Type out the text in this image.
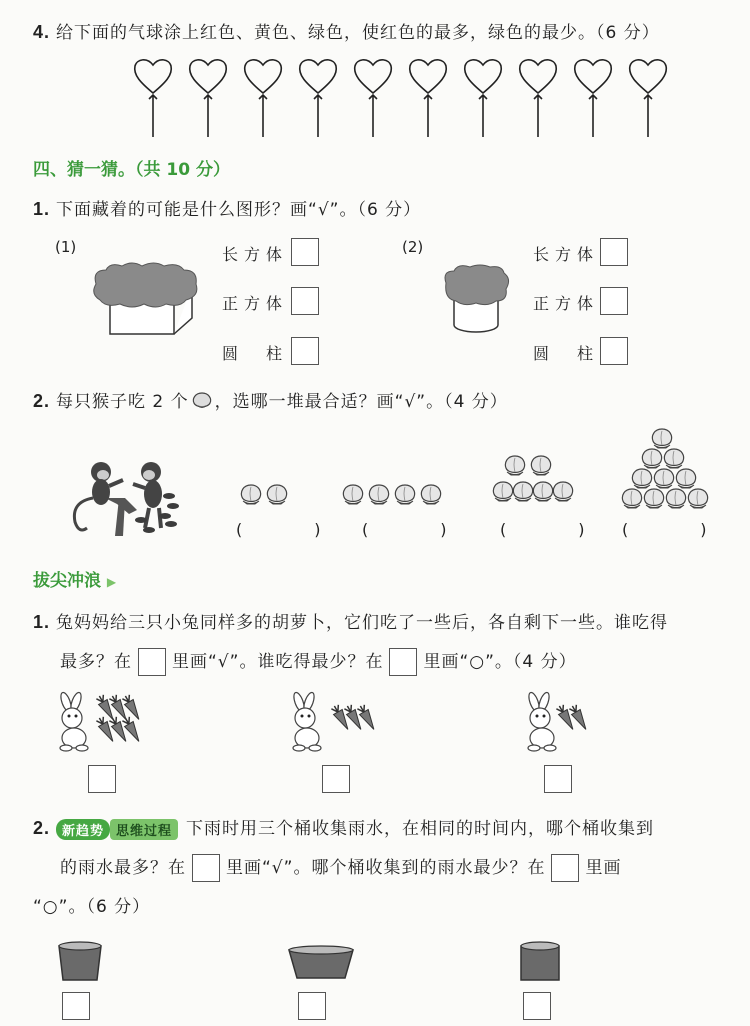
4. 给下面的气球涂上红色、黄色、绿色，使红色的最多，绿色的最少。（6 分）
四、猜一猜。（共 10 分）
1. 下面藏着的可能是什么图形？画“√”。（6 分）
(1)	(2)
长方体
正方体
圆　柱
长方体
正方体
圆　柱
2. 每只猴子吃 2 个 ，选哪一堆最合适？画“√”。（4 分）
(　) (　) (　) (　)
拔尖冲浪 ▶
1. 兔妈妈给三只小兔同样多的胡萝卜，它们吃了一些后，各自剩下一些。谁吃得
最多？在 里画“√”。谁吃得最少？在 里画“○”。（4 分）
2. 新趋势 思维过程 下雨时用三个桶收集雨水，在相同的时间内，哪个桶收集到
的雨水最多？在 里画“√”。哪个桶收集到的雨水最少？在 里画
“○”。（6 分）
